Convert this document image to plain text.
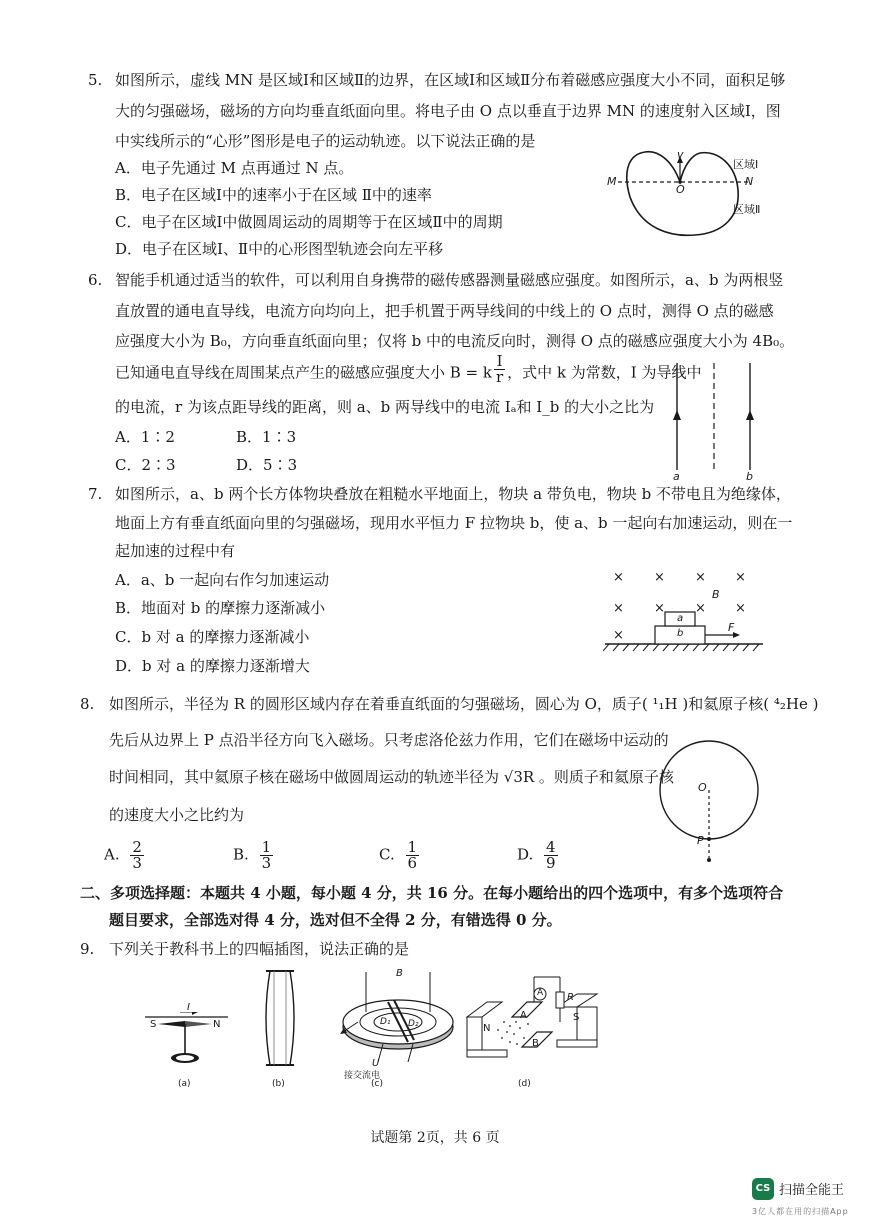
5. 如图所示，虚线 MN 是区域Ⅰ和区域Ⅱ的边界，在区域Ⅰ和区域Ⅱ分布着磁感应强度大小不同，面积足够
大的匀强磁场，磁场的方向均垂直纸面向里。将电子由 O 点以垂直于边界 MN 的速度射入区域Ⅰ，图
中实线所示的“心形”图形是电子的运动轨迹。以下说法正确的是
A．电子先通过 M 点再通过 N 点。
B．电子在区域Ⅰ中的速率小于在区域 Ⅱ中的速率
C．电子在区域Ⅰ中做圆周运动的周期等于在区域Ⅱ中的周期
D．电子在区域Ⅰ、Ⅱ中的心形图型轨迹会向左平移
v
M	N
O
区域Ⅰ
区域Ⅱ
6. 智能手机通过适当的软件，可以利用自身携带的磁传感器测量磁感应强度。如图所示，a、b 为两根竖
直放置的通电直导线，电流方向均向上，把手机置于两导线间的中线上的 O 点时，测得 O 点的磁感
应强度大小为 B₀，方向垂直纸面向里；仅将 b 中的电流反向时，测得 O 点的磁感应强度大小为 4B₀。
已知通电直导线在周围某点产生的磁感应强度大小 B = k $\frac{I}{r}$ ，式中 k 为常数，I 为导线中
的电流，r 为该点距导线的距离，则 a、b 两导线中的电流 Iₐ和 I_b 的大小之比为
A．1∶2	B．1∶3
C．2∶3	D．5∶3
a	b
7. 如图所示，a、b 两个长方体物块叠放在粗糙水平地面上，物块 a 带负电，物块 b 不带电且为绝缘体，
地面上方有垂直纸面向里的匀强磁场，现用水平恒力 F 拉物块 b，使 a、b 一起向右加速运动，则在一
起加速的过程中有
A．a、b 一起向右作匀加速运动
B．地面对 b 的摩擦力逐渐减小
C．b 对 a 的摩擦力逐渐减小
D．b 对 a 的摩擦力逐渐增大
× × × ×
× × × ×
×
B
a
b	F
8. 如图所示，半径为 R 的圆形区域内存在着垂直纸面的匀强磁场，圆心为 O，质子( ¹₁H )和氦原子核( ⁴₂He )
先后从边界上 P 点沿半径方向飞入磁场。只考虑洛伦兹力作用，它们在磁场中运动的
时间相同，其中氦原子核在磁场中做圆周运动的轨迹半径为 √3R 。则质子和氦原子核
的速度大小之比约为
A. $\frac{2}{3}$	B. $\frac{1}{3}$	C. $\frac{1}{6}$	D. $\frac{4}{9}$
O
P
二、多项选择题：本题共 4 小题，每小题 4 分，共 16 分。在每小题给出的四个选项中，有多个选项符合
题目要求，全部选对得 4 分，选对但不全得 2 分，有错选得 0 分。
9. 下列关于教科书上的四幅插图，说法正确的是
I
S	N
(a)	(b)
B
D₁ D₂
U
接交流电
(c)
A R
A
B
N
S
(d)
试题第 2页，共 6 页
CS 扫描全能王
3亿人都在用的扫描App
